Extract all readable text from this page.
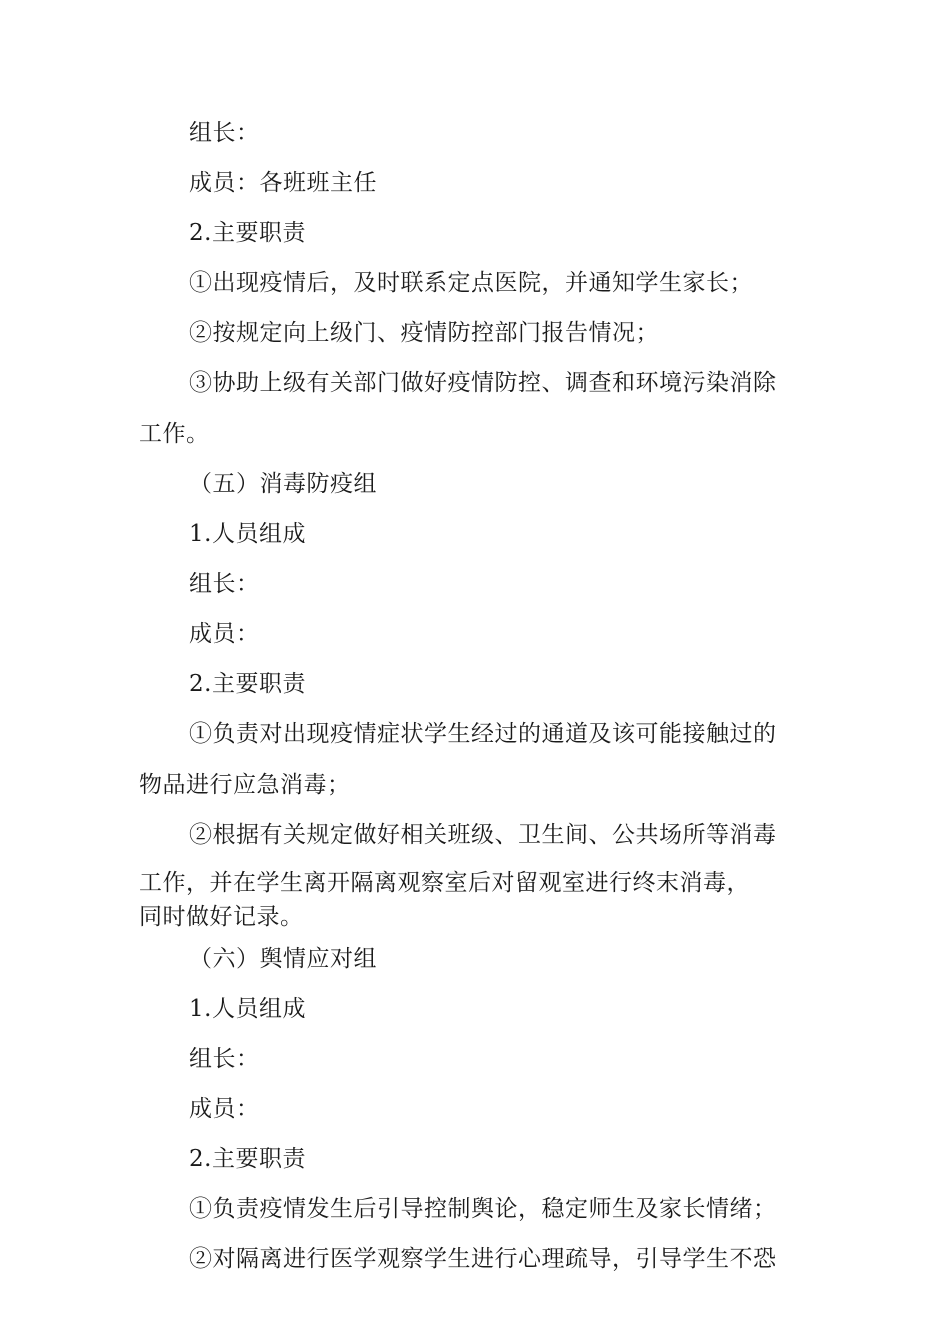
组长：
成员：各班班主任
2.主要职责
①出现疫情后，及时联系定点医院，并通知学生家长；
②按规定向上级门、疫情防控部门报告情况；
③协助上级有关部门做好疫情防控、调查和环境污染消除
工作。
（五）消毒防疫组
1.人员组成
组长：
成员：
2.主要职责
①负责对出现疫情症状学生经过的通道及该可能接触过的
物品进行应急消毒；
②根据有关规定做好相关班级、卫生间、公共场所等消毒
工作，并在学生离开隔离观察室后对留观室进行终末消毒，
同时做好记录。
（六）舆情应对组
1.人员组成
组长：
成员：
2.主要职责
①负责疫情发生后引导控制舆论，稳定师生及家长情绪；
②对隔离进行医学观察学生进行心理疏导，引导学生不恐
